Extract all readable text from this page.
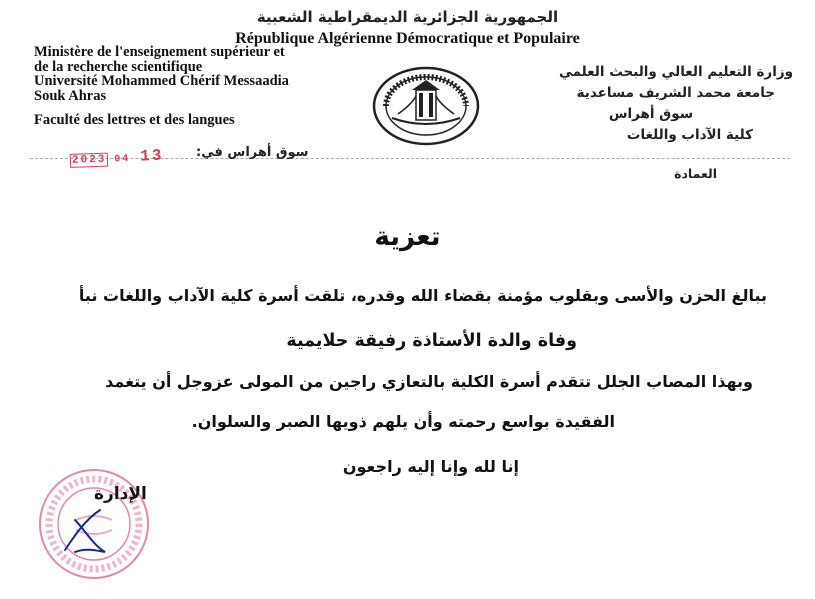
الجمهورية الجزائرية الديمقراطية الشعبية
République Algérienne Démocratique et Populaire
Ministère de l'enseignement supérieur et
de la recherche scientifique
Université Mohammed Chérif Messaadia
Souk Ahras
Faculté des lettres et des langues
وزارة التعليم العالي والبحث العلمي
جامعة محمد الشريف مساعدية
سوق أهراس
كلية الآداب واللغات
العمادة
سوق أهراس في:
2023 04 13
تعزية
ببالغ الحزن والأسى وبقلوب مؤمنة بقضاء الله وقدره، تلقت أسرة كلية الآداب واللغات نبأ
وفاة والدة الأستاذة رفيقة حلايمية
وبهذا المصاب الجلل تتقدم أسرة الكلية بالتعازي راجين من المولى عزوجل أن يتغمد
الفقيدة بواسع رحمته وأن يلهم ذويها الصبر والسلوان.
إنا لله وإنا إليه راجعون
الإدارة
